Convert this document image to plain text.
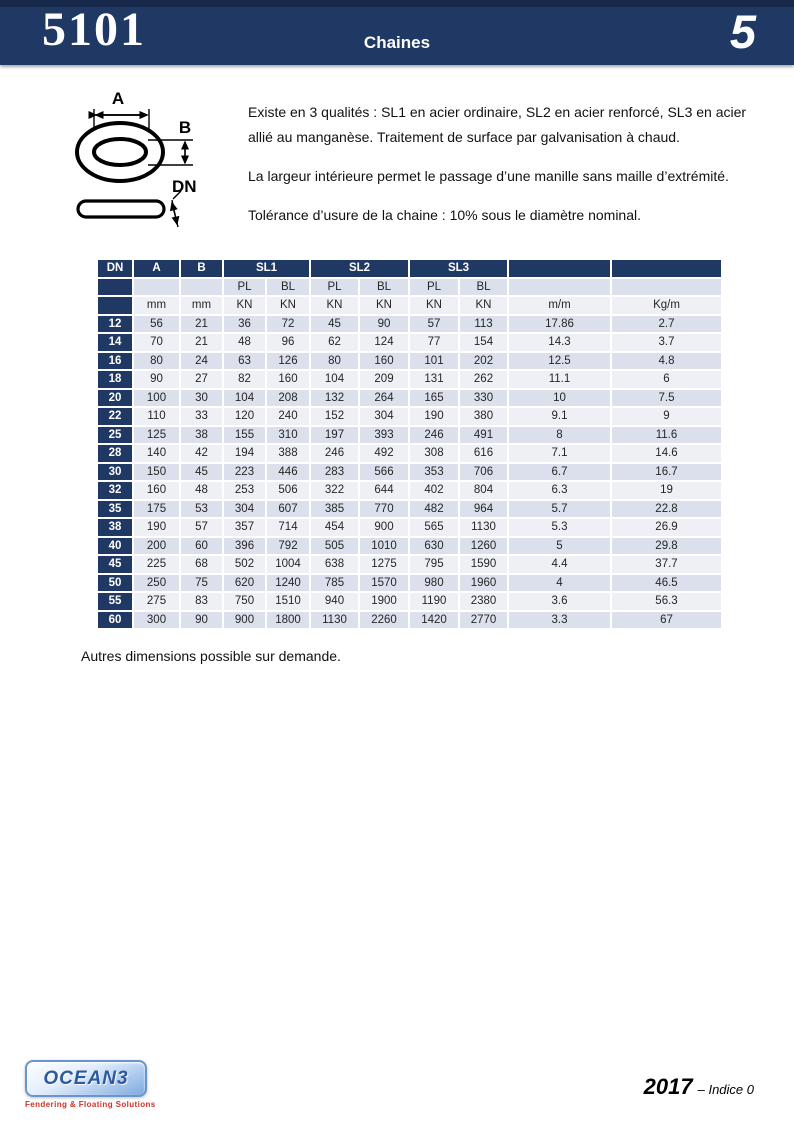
5101	Chaines	5
A
B
DN

Existe en 3 qualités : SL1 en acier ordinaire, SL2 en acier renforcé, SL3 en acier allié au manganèse. Traitement de surface par galvanisation à chaud.

La largeur intérieure permet le passage d’une manille sans maille d’extrémité.

Tolérance d’usure de la chaine : 10% sous le diamètre nominal.

DN	A	B	SL1		SL2		SL3			
			PL	BL	PL	BL	PL	BL		
	mm	mm	KN	KN	KN	KN	KN	KN	m/m	Kg/m
12	56	21	36	72	45	90	57	113	17.86	2.7
14	70	21	48	96	62	124	77	154	14.3	3.7
16	80	24	63	126	80	160	101	202	12.5	4.8
18	90	27	82	160	104	209	131	262	11.1	6
20	100	30	104	208	132	264	165	330	10	7.5
22	110	33	120	240	152	304	190	380	9.1	9
25	125	38	155	310	197	393	246	491	8	11.6
28	140	42	194	388	246	492	308	616	7.1	14.6
30	150	45	223	446	283	566	353	706	6.7	16.7
32	160	48	253	506	322	644	402	804	6.3	19
35	175	53	304	607	385	770	482	964	5.7	22.8
38	190	57	357	714	454	900	565	1130	5.3	26.9
40	200	60	396	792	505	1010	630	1260	5	29.8
45	225	68	502	1004	638	1275	795	1590	4.4	37.7
50	250	75	620	1240	785	1570	980	1960	4	46.5
55	275	83	750	1510	940	1900	1190	2380	3.6	56.3
60	300	90	900	1800	1130	2260	1420	2770	3.3	67

Autres dimensions possible sur demande.

OCEAN3
Fendering & Floating Solutions
2017 – Indice 0
